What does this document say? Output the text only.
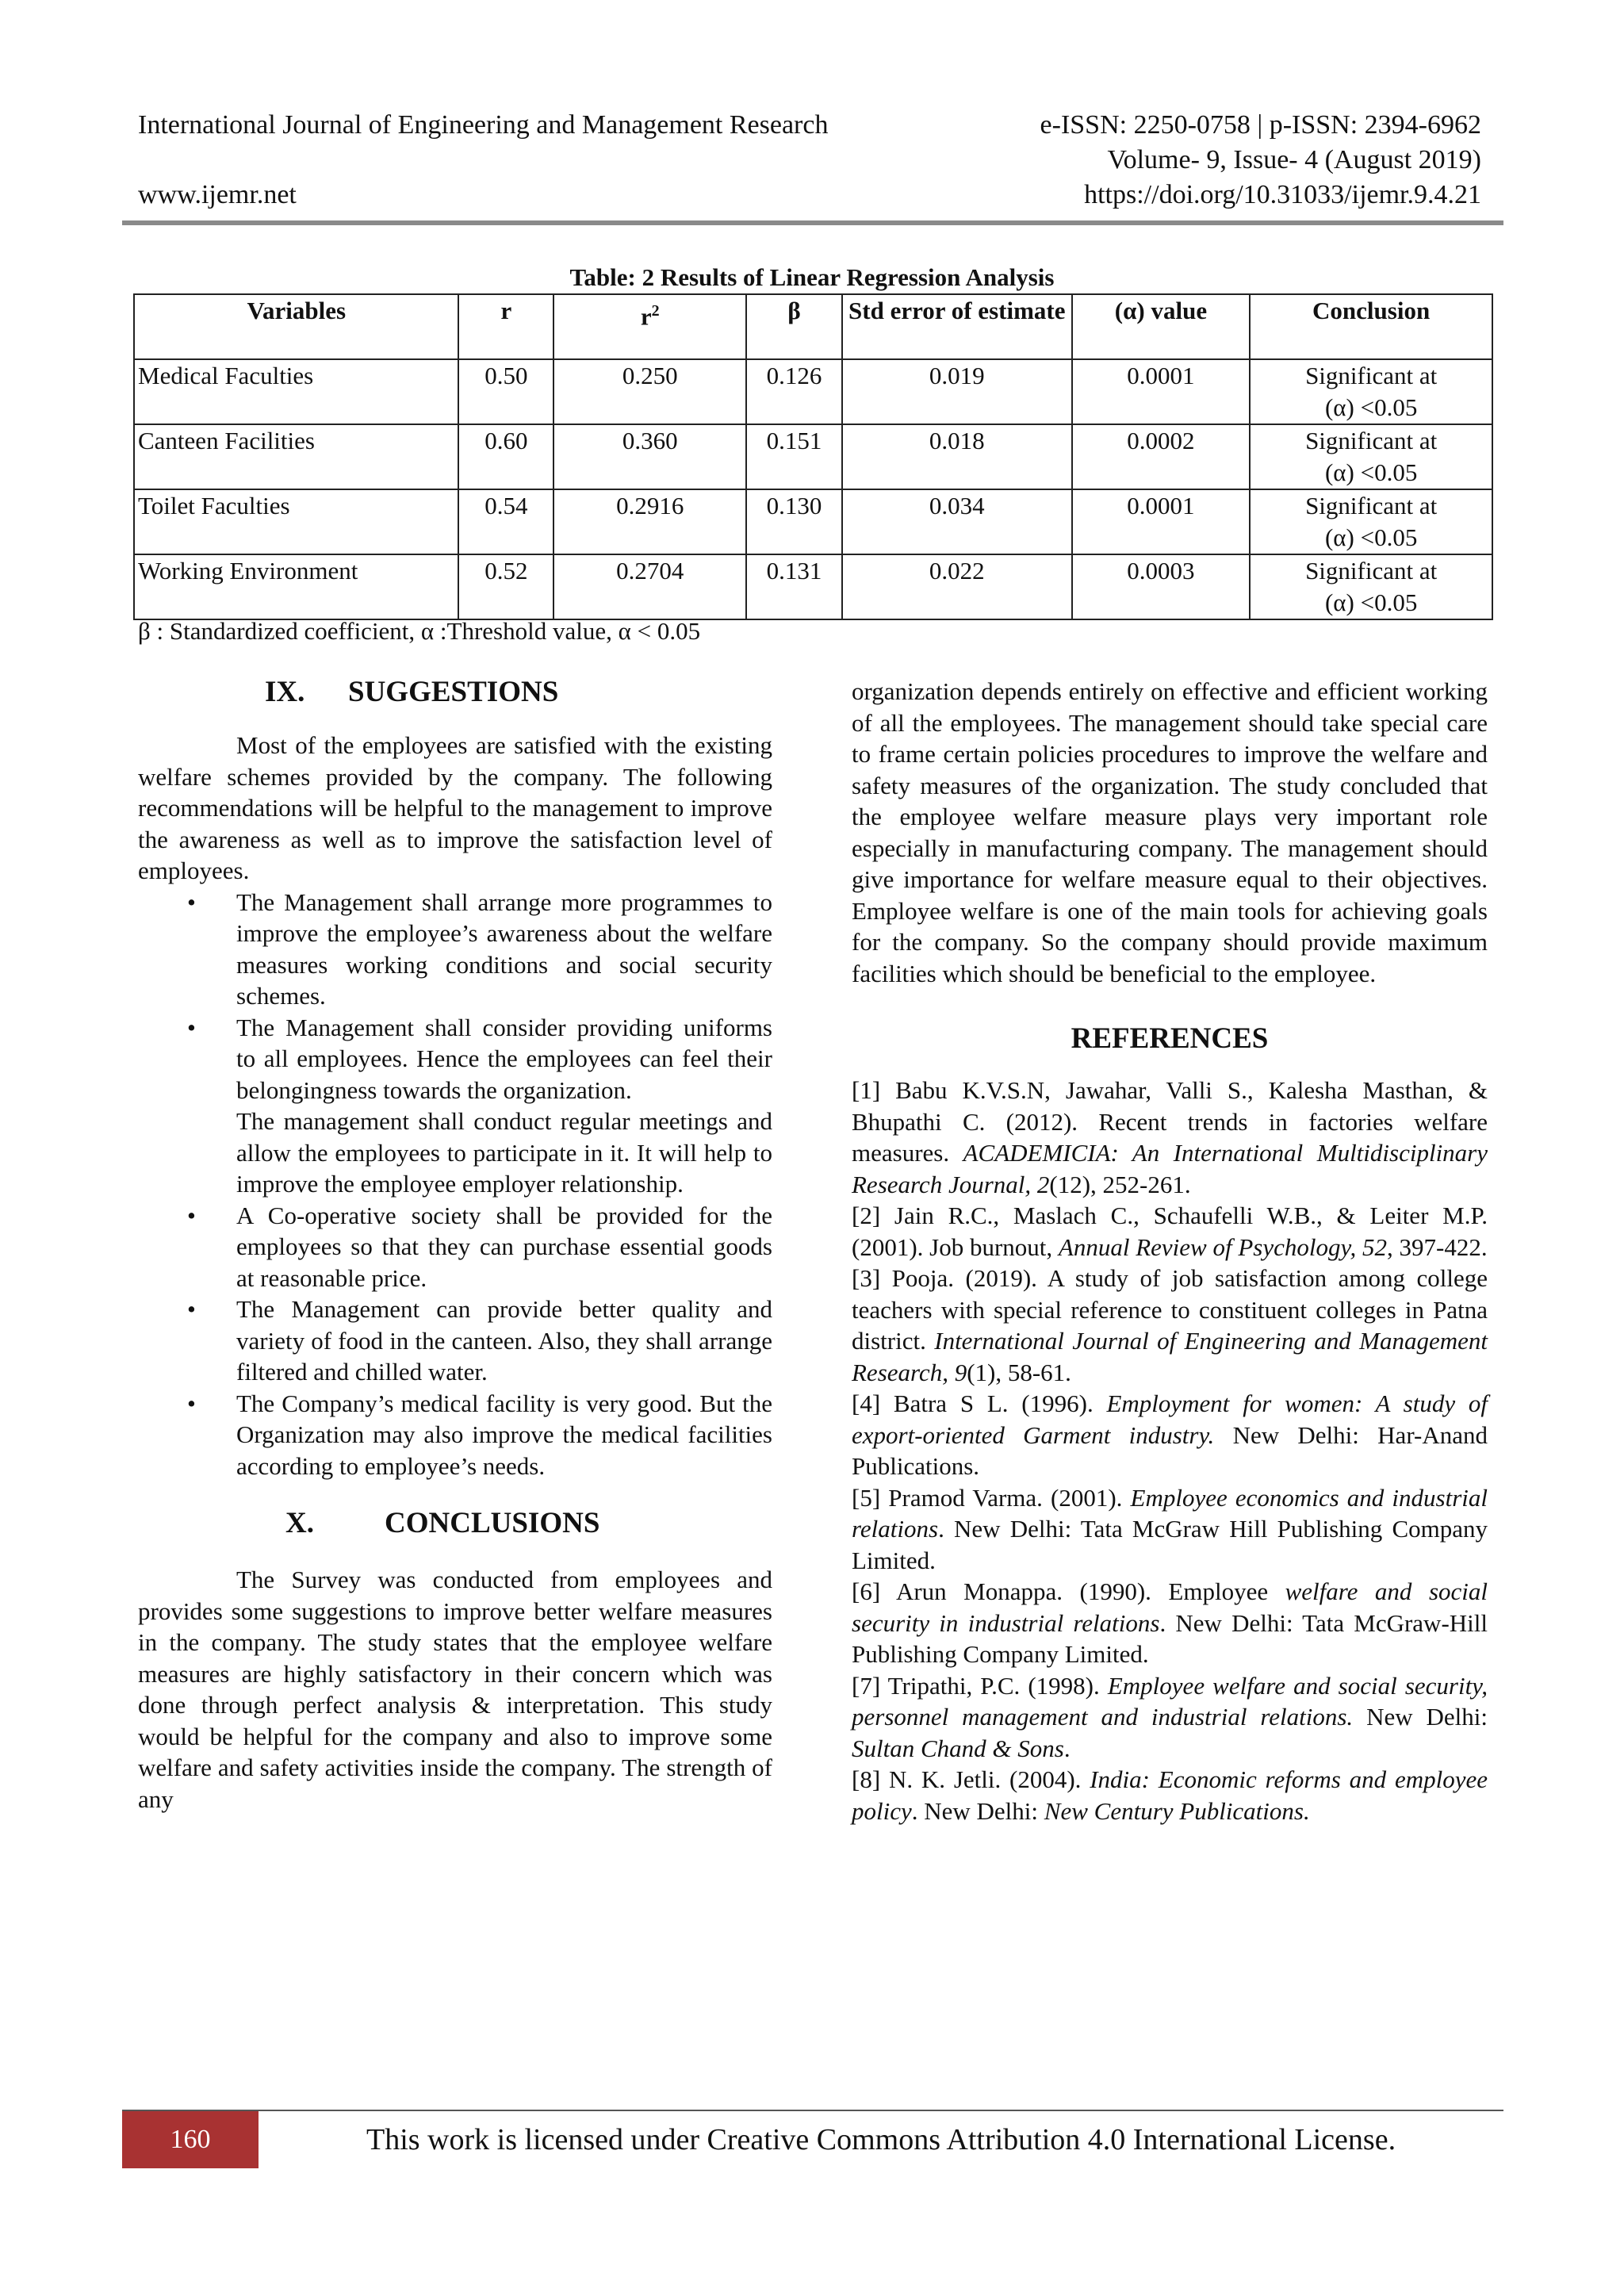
International Journal of Engineering and Management Research	e-ISSN: 2250-0758 | p-ISSN: 2394-6962
Volume- 9, Issue- 4 (August 2019)
www.ijemr.net	https://doi.org/10.31033/ijemr.9.4.21
Table: 2 Results of Linear Regression Analysis
Variables	r	$r^2$	β	Std error of estimate	(α) value	Conclusion
Medical Faculties	0.50	0.250	0.126	0.019	0.0001	Significant at
(α) <0.05

Canteen Facilities	0.60	0.360	0.151	0.018	0.0002	Significant at
(α) <0.05

Toilet Faculties	0.54	0.2916	0.130	0.034	0.0001	Significant at
(α) <0.05

Working Environment	0.52	0.2704	0.131	0.022	0.0003	Significant at
(α) <0.05
β : Standardized coefficient, α :Threshold value, α < 0.05
IX. SUGGESTIONS

Most of the employees are satisfied with the existing welfare schemes provided by the company. The following recommendations will be helpful to the management to improve the awareness as well as to improve the satisfaction level of employees.

• The Management shall arrange more programmes to improve the employee’s awareness about the welfare measures working conditions and social security schemes.
• The Management shall consider providing uniforms to all employees. Hence the employees can feel their belongingness towards the organization.

The management shall conduct regular meetings and allow the employees to participate in it. It will help to improve the employee employer relationship.

• A Co-operative society shall be provided for the employees so that they can purchase essential goods at reasonable price.
• The Management can provide better quality and variety of food in the canteen. Also, they shall arrange filtered and chilled water.
• The Company’s medical facility is very good. But the Organization may also improve the medical facilities according to employee’s needs.
X. CONCLUSIONS

The Survey was conducted from employees and provides some suggestions to improve better welfare measures in the company. The study states that the employee welfare measures are highly satisfactory in their concern which was done through perfect analysis & interpretation. This study would be helpful for the company and also to improve some welfare and safety activities inside the company. The strength of any

organization depends entirely on effective and efficient working of all the employees. The management should take special care to frame certain policies procedures to improve the welfare and safety measures of the organization. The study concluded that the employee welfare measure plays very important role especially in manufacturing company. The management should give importance for welfare measure equal to their objectives. Employee welfare is one of the main tools for achieving goals for the company. So the company should provide maximum facilities which should be beneficial to the employee.

REFERENCES

[1] Babu K.V.S.N, Jawahar, Valli S., Kalesha Masthan, & Bhupathi C. (2012). Recent trends in factories welfare measures. ACADEMICIA: An International Multidisciplinary Research Journal, 2(12), 252-261.

[2] Jain R.C., Maslach C., Schaufelli W.B., & Leiter M.P. (2001). Job burnout, Annual Review of Psychology, 52, 397-422.

[3] Pooja. (2019). A study of job satisfaction among college teachers with special reference to constituent colleges in Patna district. International Journal of Engineering and Management Research, 9(1), 58-61.

[4] Batra S L. (1996). Employment for women: A study of export-oriented Garment industry. New Delhi: Har-Anand Publications.

[5] Pramod Varma. (2001). Employee economics and industrial relations. New Delhi: Tata McGraw Hill Publishing Company Limited.

[6] Arun Monappa. (1990). Employee welfare and social security in industrial relations. New Delhi: Tata McGraw-Hill Publishing Company Limited.

[7] Tripathi, P.C. (1998). Employee welfare and social security, personnel management and industrial relations. New Delhi: Sultan Chand & Sons.

[8] N. K. Jetli. (2004). India: Economic reforms and employee policy. New Delhi: New Century Publications.

160	This work is licensed under Creative Commons Attribution 4.0 International License.
